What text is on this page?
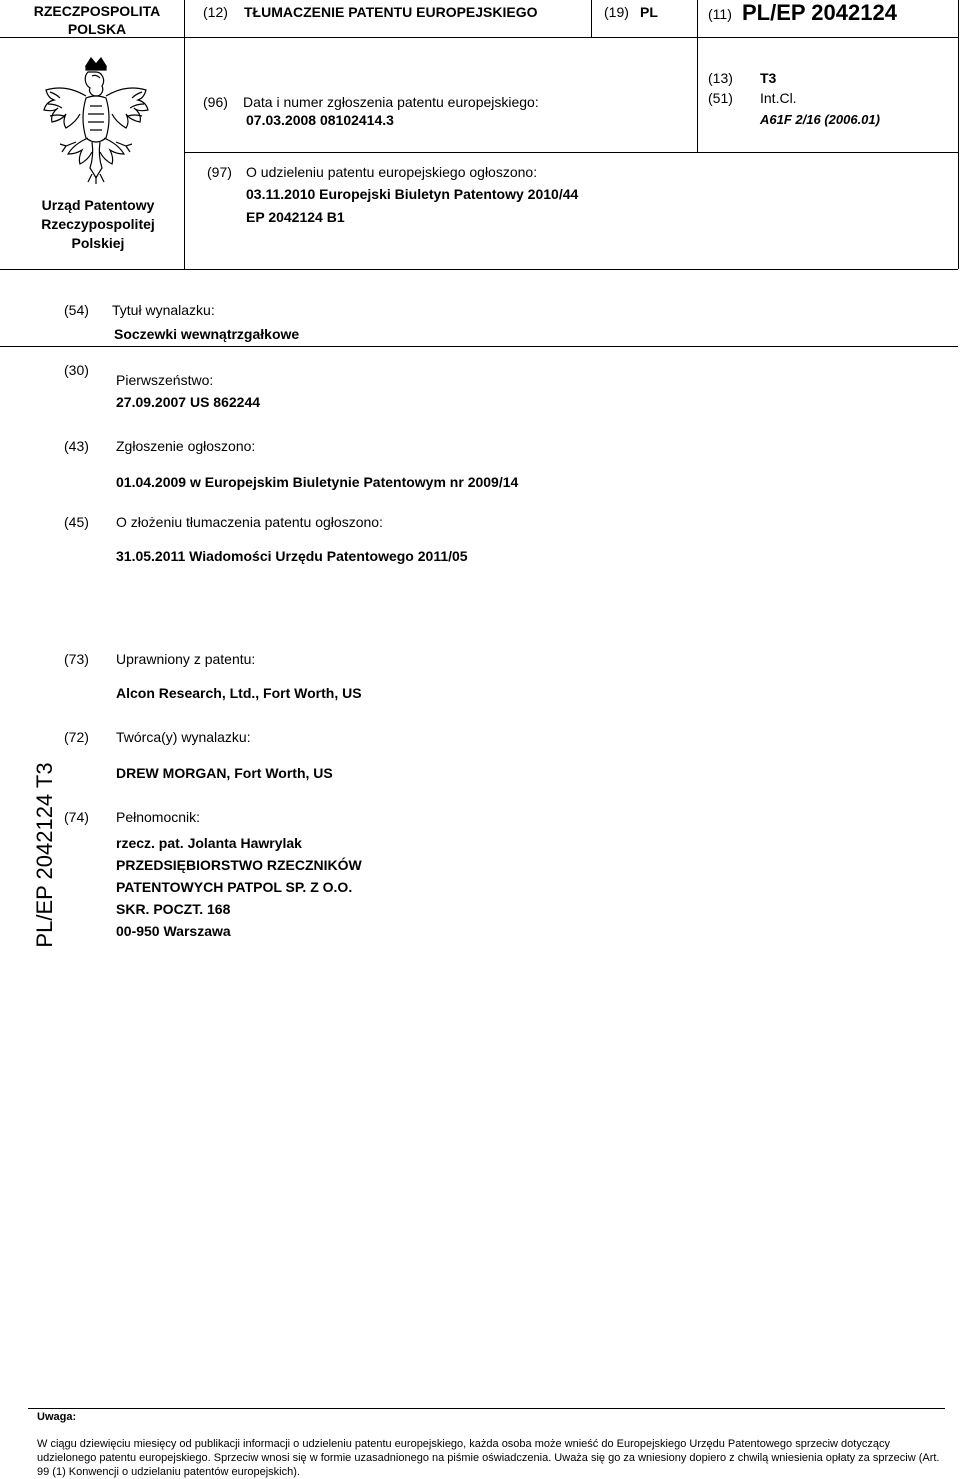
RZECZPOSPOLITA
POLSKA
(12) TŁUMACZENIE PATENTU EUROPEJSKIEGO	(19) PL	(11) PL/EP 2042124
Urząd Patentowy
Rzeczypospolitej
Polskiej
(96) Data i numer zgłoszenia patentu europejskiego:
07.03.2008 08102414.3
(13) T3
(51) Int.Cl.
A61F 2/16 (2006.01)
(97) O udzieleniu patentu europejskiego ogłoszono:
03.11.2010 Europejski Biuletyn Patentowy 2010/44
EP 2042124 B1
(54) Tytuł wynalazku:
Soczewki wewnątrzgałkowe
(30)
Pierwszeństwo:
27.09.2007 US 862244
(43) Zgłoszenie ogłoszono:
01.04.2009 w Europejskim Biuletynie Patentowym nr 2009/14
(45) O złożeniu tłumaczenia patentu ogłoszono:
31.05.2011 Wiadomości Urzędu Patentowego 2011/05
(73) Uprawniony z patentu:
Alcon Research, Ltd., Fort Worth, US
(72) Twórca(y) wynalazku:
DREW MORGAN, Fort Worth, US
(74) Pełnomocnik:
rzecz. pat. Jolanta Hawrylak
PRZEDSIĘBIORSTWO RZECZNIKÓW
PATENTOWYCH PATPOL SP. Z O.O.
SKR. POCZT. 168
00-950 Warszawa
PL/EP 2042124 T3
Uwaga:
W ciągu dziewięciu miesięcy od publikacji informacji o udzieleniu patentu europejskiego, każda osoba może wnieść do Europejskiego Urzędu Patentowego sprzeciw dotyczący udzielonego patentu europejskiego. Sprzeciw wnosi się w formie uzasadnionego na piśmie oświadczenia. Uważa się go za wniesiony dopiero z chwilą wniesienia opłaty za sprzeciw (Art. 99 (1) Konwencji o udzielaniu patentów europejskich).
